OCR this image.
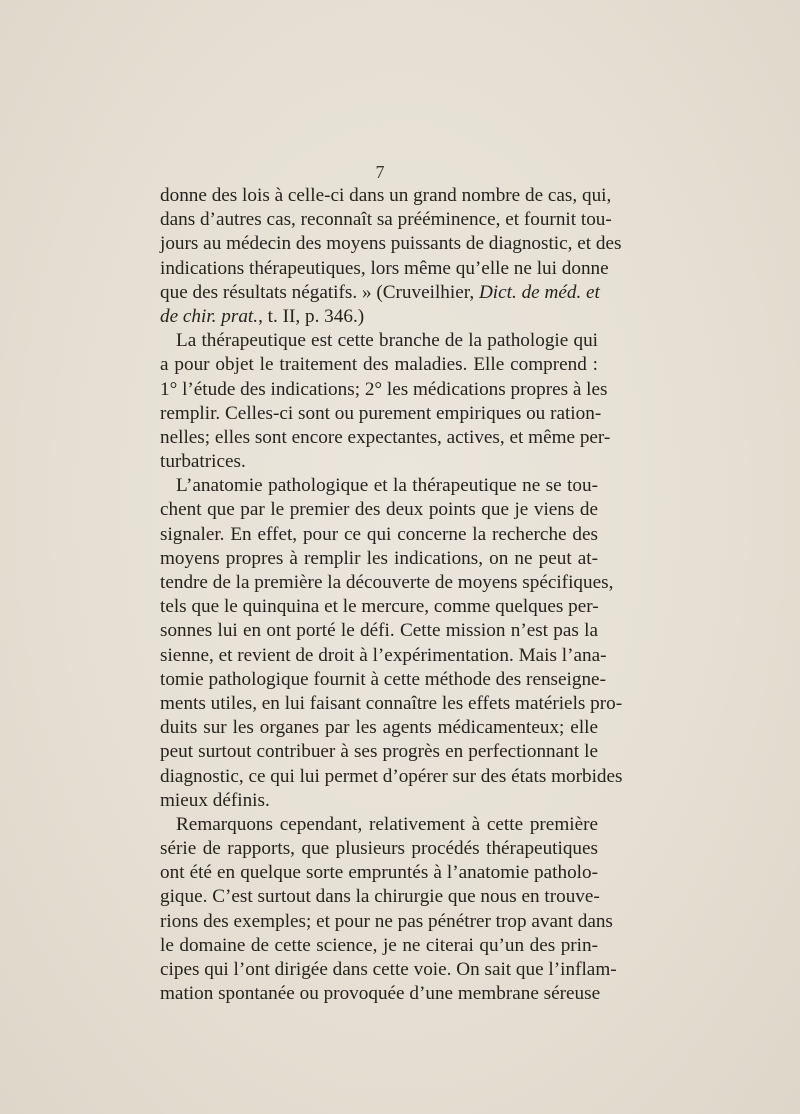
7
donne des lois à celle-ci dans un grand nombre de cas, qui,
dans d’autres cas, reconnaît sa prééminence, et fournit tou-
jours au médecin des moyens puissants de diagnostic, et des
indications thérapeutiques, lors même qu’elle ne lui donne
que des résultats négatifs. » (Cruveilhier, Dict. de méd. et
de chir. prat., t. II, p. 346.)
La thérapeutique est cette branche de la pathologie qui
a pour objet le traitement des maladies. Elle comprend :
1° l’étude des indications; 2° les médications propres à les
remplir. Celles-ci sont ou purement empiriques ou ration-
nelles; elles sont encore expectantes, actives, et même per-
turbatrices.
L’anatomie pathologique et la thérapeutique ne se tou-
chent que par le premier des deux points que je viens de
signaler. En effet, pour ce qui concerne la recherche des
moyens propres à remplir les indications, on ne peut at-
tendre de la première la découverte de moyens spécifiques,
tels que le quinquina et le mercure, comme quelques per-
sonnes lui en ont porté le défi. Cette mission n’est pas la
sienne, et revient de droit à l’expérimentation. Mais l’ana-
tomie pathologique fournit à cette méthode des renseigne-
ments utiles, en lui faisant connaître les effets matériels pro-
duits sur les organes par les agents médicamenteux; elle
peut surtout contribuer à ses progrès en perfectionnant le
diagnostic, ce qui lui permet d’opérer sur des états morbides
mieux définis.
Remarquons cependant, relativement à cette première
série de rapports, que plusieurs procédés thérapeutiques
ont été en quelque sorte empruntés à l’anatomie patholo-
gique. C’est surtout dans la chirurgie que nous en trouve-
rions des exemples; et pour ne pas pénétrer trop avant dans
le domaine de cette science, je ne citerai qu’un des prin-
cipes qui l’ont dirigée dans cette voie. On sait que l’inflam-
mation spontanée ou provoquée d’une membrane séreuse
